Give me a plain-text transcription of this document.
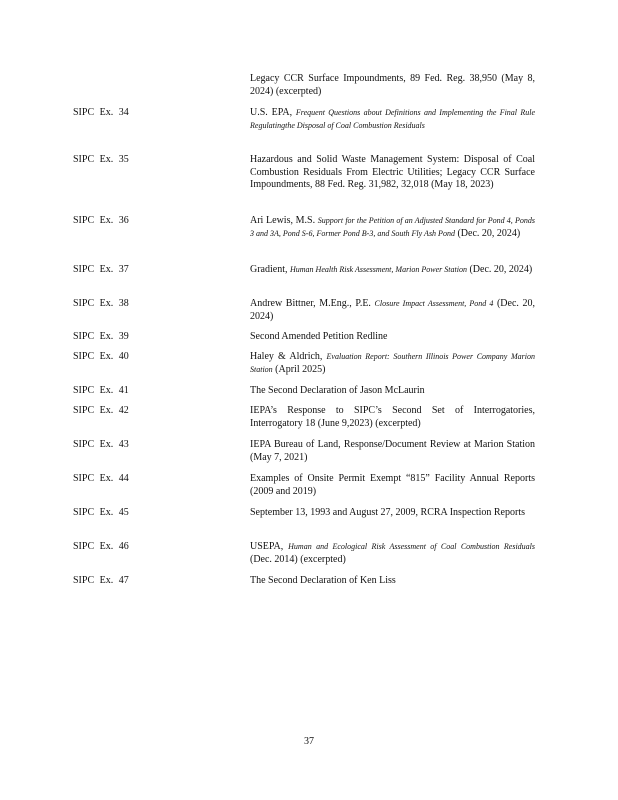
Legacy CCR Surface Impoundments, 89 Fed. Reg. 38,950 (May 8, 2024) (excerpted)
SIPC Ex. 34	U.S. EPA, Frequent Questions about Definitions and Implementing the Final Rule Regulatingthe Disposal of Coal Combustion Residuals
SIPC Ex. 35	Hazardous and Solid Waste Management System: Disposal of Coal Combustion Residuals From Electric Utilities; Legacy CCR Surface Impoundments, 88 Fed. Reg. 31,982, 32,018 (May 18, 2023)
SIPC Ex. 36	Ari Lewis, M.S. Support for the Petition of an Adjusted Standard for Pond 4, Ponds 3 and 3A, Pond S-6, Former Pond B-3, and South Fly Ash Pond (Dec. 20, 2024)
SIPC Ex. 37	Gradient, Human Health Risk Assessment, Marion Power Station (Dec. 20, 2024)
SIPC Ex. 38	Andrew Bittner, M.Eng., P.E. Closure Impact Assessment, Pond 4 (Dec. 20, 2024)
SIPC Ex. 39	Second Amended Petition Redline
SIPC Ex. 40	Haley & Aldrich, Evaluation Report: Southern Illinois Power Company Marion Station (April 2025)
SIPC Ex. 41	The Second Declaration of Jason McLaurin
SIPC Ex. 42	IEPA’s Response to SIPC’s Second Set of Interrogatories, Interrogatory 18 (June 9,2023) (excerpted)
SIPC Ex. 43	IEPA Bureau of Land, Response/Document Review at Marion Station (May 7, 2021)
SIPC Ex. 44	Examples of Onsite Permit Exempt “815” Facility Annual Reports (2009 and 2019)
SIPC Ex. 45	September 13, 1993 and August 27, 2009, RCRA Inspection Reports
SIPC Ex. 46	USEPA, Human and Ecological Risk Assessment of Coal Combustion Residuals (Dec. 2014) (excerpted)
SIPC Ex. 47	The Second Declaration of Ken Liss
37
